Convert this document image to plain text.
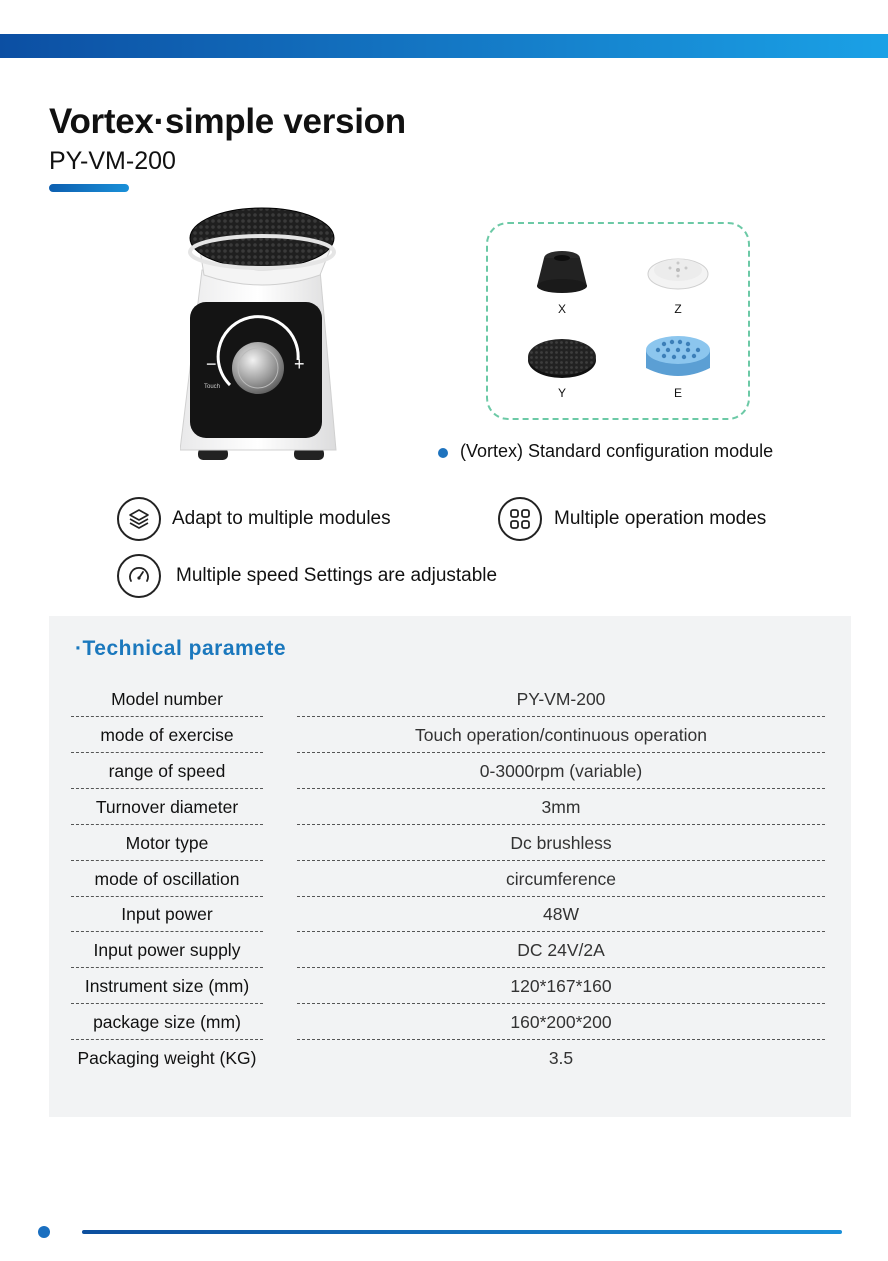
Vortex·simple version
PY-VM-200
−	+
Touch
X	Z
Y	E
(Vortex) Standard configuration module
Adapt to multiple modules	Multiple operation modes
Multiple speed Settings are adjustable
·Technical paramete
Model number	PY-VM-200
mode of exercise	Touch operation/continuous operation
range of speed	0-3000rpm (variable)
Turnover diameter	3mm
Motor type	Dc brushless
mode of oscillation	circumference
Input power	48W
Input power supply	DC 24V/2A
Instrument size (mm)	120*167*160
package size (mm)	160*200*200
Packaging weight (KG)	3.5
